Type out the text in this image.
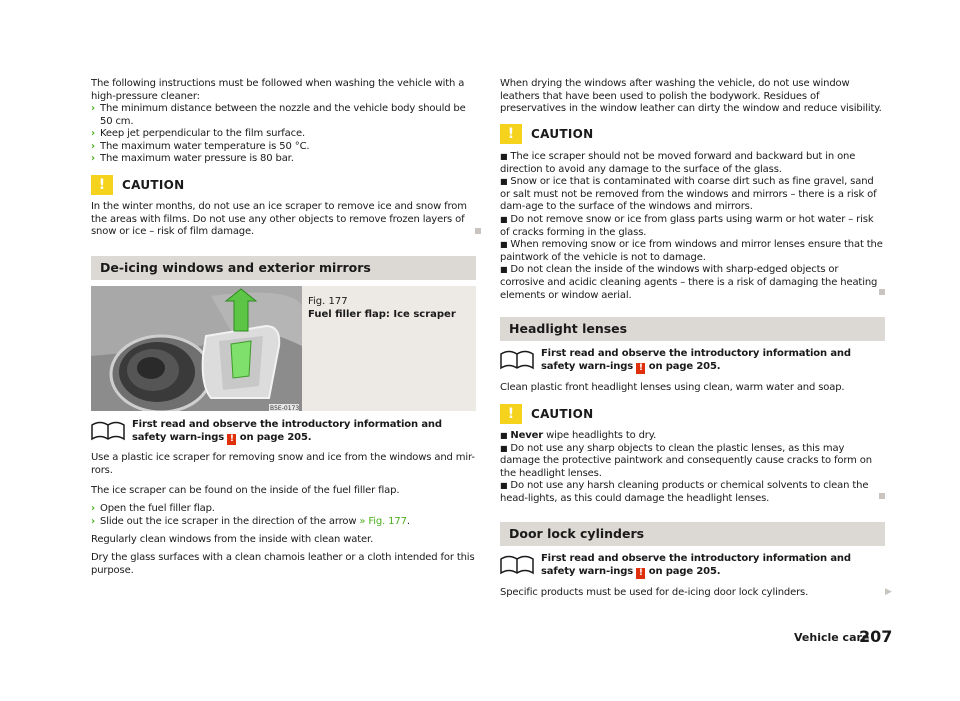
The following instructions must be followed when washing the vehicle with a high-pressure cleaner:

› The minimum distance between the nozzle and the vehicle body should be 50 cm.
› Keep jet perpendicular to the film surface.
› The maximum water temperature is 50 °C.
› The maximum water pressure is 80 bar.
!
CAUTION

In the winter months, do not use an ice scraper to remove ice and snow from the areas with films. Do not use any other objects to remove frozen layers of snow or ice – risk of film damage.

De-icing windows and exterior mirrors
B5E-0173
Fig. 177
Fuel filler flap: Ice scraper

First read and observe the introductory information and safety warn-ings ! on page 205.

Use a plastic ice scraper for removing snow and ice from the windows and mir-rors.

The ice scraper can be found on the inside of the fuel filler flap.

› Open the fuel filler flap.
› Slide out the ice scraper in the direction of the arrow » Fig. 177.

Regularly clean windows from the inside with clean water.

Dry the glass surfaces with a clean chamois leather or a cloth intended for this purpose.

When drying the windows after washing the vehicle, do not use window leathers that have been used to polish the bodywork. Residues of preservatives in the window leather can dirty the window and reduce visibility.

!
CAUTION

■ The ice scraper should not be moved forward and backward but in one direction to avoid any damage to the surface of the glass.

■ Snow or ice that is contaminated with coarse dirt such as fine gravel, sand or salt must not be removed from the windows and mirrors – there is a risk of dam-age to the surface of the windows and mirrors.

■ Do not remove snow or ice from glass parts using warm or hot water – risk of cracks forming in the glass.

■ When removing snow or ice from windows and mirror lenses ensure that the paintwork of the vehicle is not to damage.

■ Do not clean the inside of the windows with sharp-edged objects or corrosive and acidic cleaning agents – there is a risk of damaging the heating elements or window aerial.

Headlight lenses

First read and observe the introductory information and safety warn-ings ! on page 205.

Clean plastic front headlight lenses using clean, warm water and soap.

!
CAUTION

■ Never wipe headlights to dry.

■ Do not use any sharp objects to clean the plastic lenses, as this may damage the protective paintwork and consequently cause cracks to form on the headlight lenses.

■ Do not use any harsh cleaning products or chemical solvents to clean the head-lights, as this could damage the headlight lenses.

Door lock cylinders

First read and observe the introductory information and safety warn-ings ! on page 205.

Specific products must be used for de-icing door lock cylinders.	▶
Vehicle care
207
